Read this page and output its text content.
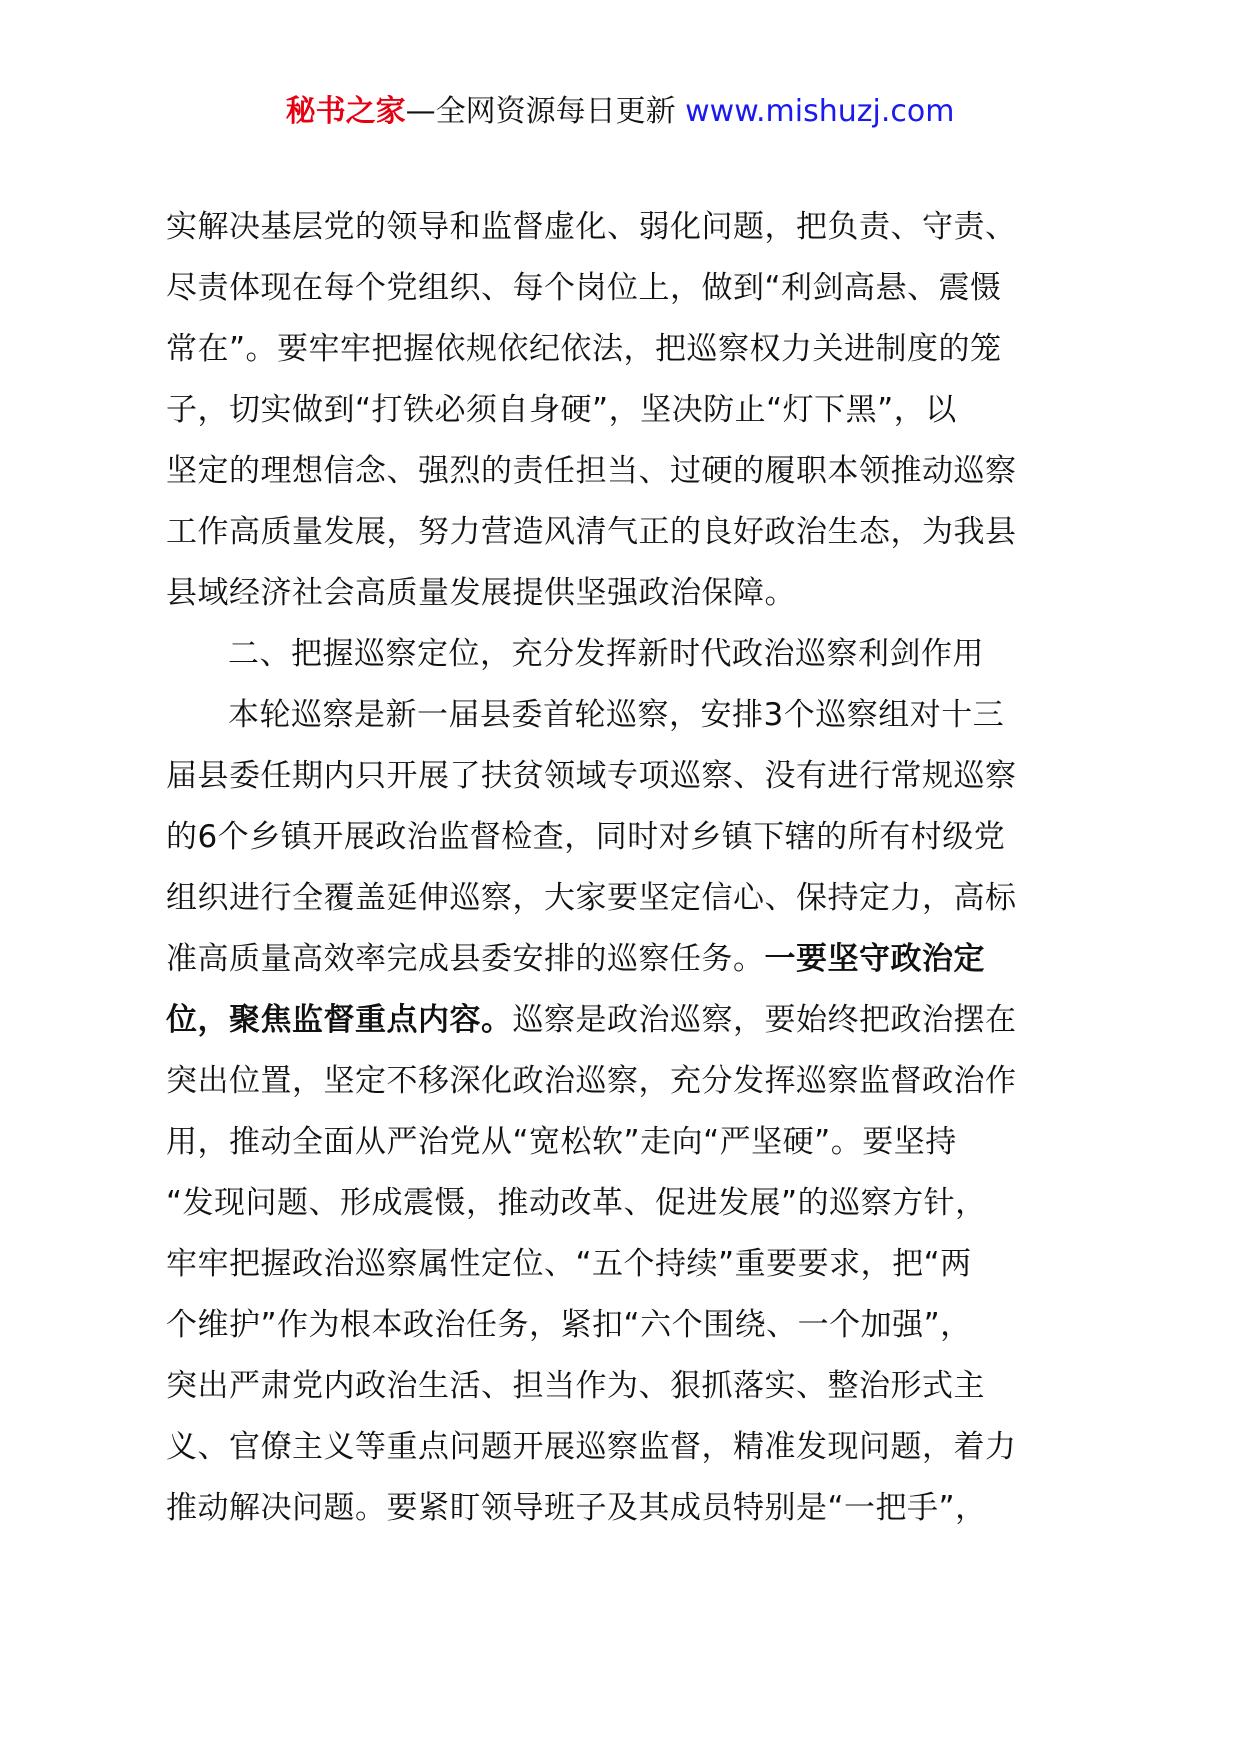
秘书之家—全网资源每日更新 www.mishuzj.com
实解决基层党的领导和监督虚化、弱化问题，把负责、守责、
尽责体现在每个党组织、每个岗位上，做到“利剑高悬、震慑
常在”。要牢牢把握依规依纪依法，把巡察权力关进制度的笼
子，切实做到“打铁必须自身硬”，坚决防止“灯下黑”，以
坚定的理想信念、强烈的责任担当、过硬的履职本领推动巡察
工作高质量发展，努力营造风清气正的良好政治生态，为我县
县域经济社会高质量发展提供坚强政治保障。
二、把握巡察定位，充分发挥新时代政治巡察利剑作用
本轮巡察是新一届县委首轮巡察，安排3个巡察组对十三
届县委任期内只开展了扶贫领域专项巡察、没有进行常规巡察
的6个乡镇开展政治监督检查，同时对乡镇下辖的所有村级党
组织进行全覆盖延伸巡察，大家要坚定信心、保持定力，高标
准高质量高效率完成县委安排的巡察任务。一要坚守政治定
位，聚焦监督重点内容。巡察是政治巡察，要始终把政治摆在
突出位置，坚定不移深化政治巡察，充分发挥巡察监督政治作
用，推动全面从严治党从“宽松软”走向“严坚硬”。要坚持
“发现问题、形成震慑，推动改革、促进发展”的巡察方针，
牢牢把握政治巡察属性定位、“五个持续”重要要求，把“两
个维护”作为根本政治任务，紧扣“六个围绕、一个加强”，
突出严肃党内政治生活、担当作为、狠抓落实、整治形式主
义、官僚主义等重点问题开展巡察监督，精准发现问题，着力
推动解决问题。要紧盯领导班子及其成员特别是“一把手”，
